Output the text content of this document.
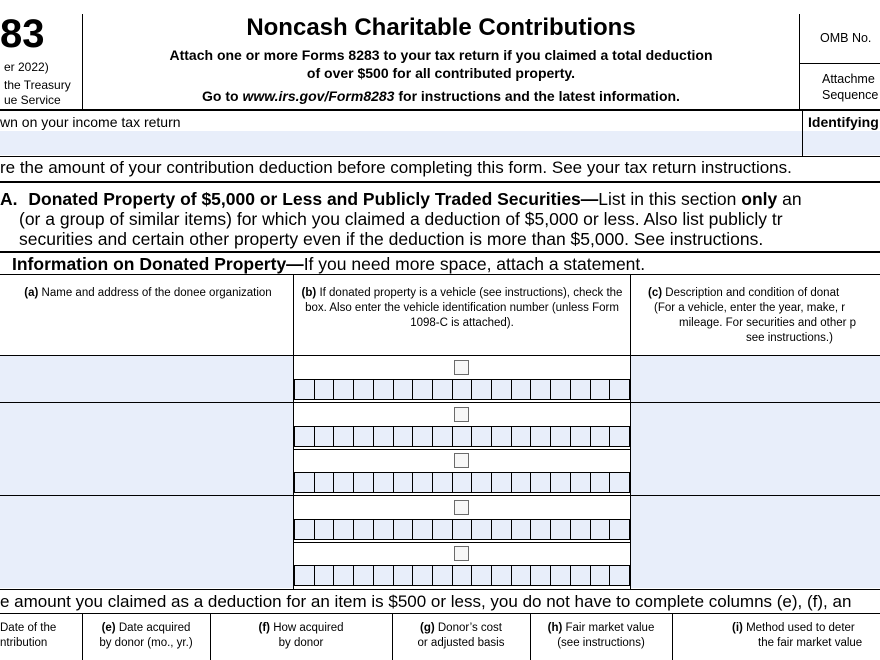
83
er 2022)
the Treasury
ue Service
Noncash Charitable Contributions
Attach one or more Forms 8283 to your tax return if you claimed a total deduction
of over $500 for all contributed property.
Go to www.irs.gov/Form8283 for instructions and the latest information.
OMB No.
Attachme
Sequence
wn on your income tax return	Identifying
re the amount of your contribution deduction before completing this form. See your tax return instructions.
A. Donated Property of $5,000 or Less and Publicly Traded Securities—List in this section only an
(or a group of similar items) for which you claimed a deduction of $5,000 or less. Also list publicly tr
securities and certain other property even if the deduction is more than $5,000. See instructions.
Information on Donated Property—If you need more space, attach a statement.
(a) Name and address of the donee organization	(b) If donated property is a vehicle (see instructions), check the box. Also enter the vehicle identification number (unless Form 1098-C is attached).
(c) Description and condition of donat
(For a vehicle, enter the year, make, r
mileage. For securities and other p
see instructions.)
e amount you claimed as a deduction for an item is $500 or less, you do not have to complete columns (e), (f), an
Date of the
ntribution
(e) Date acquired
by donor (mo., yr.)
(f) How acquired
by donor
(g) Donor’s cost
or adjusted basis
(h) Fair market value
(see instructions)
(i) Method used to deter
the fair market value
